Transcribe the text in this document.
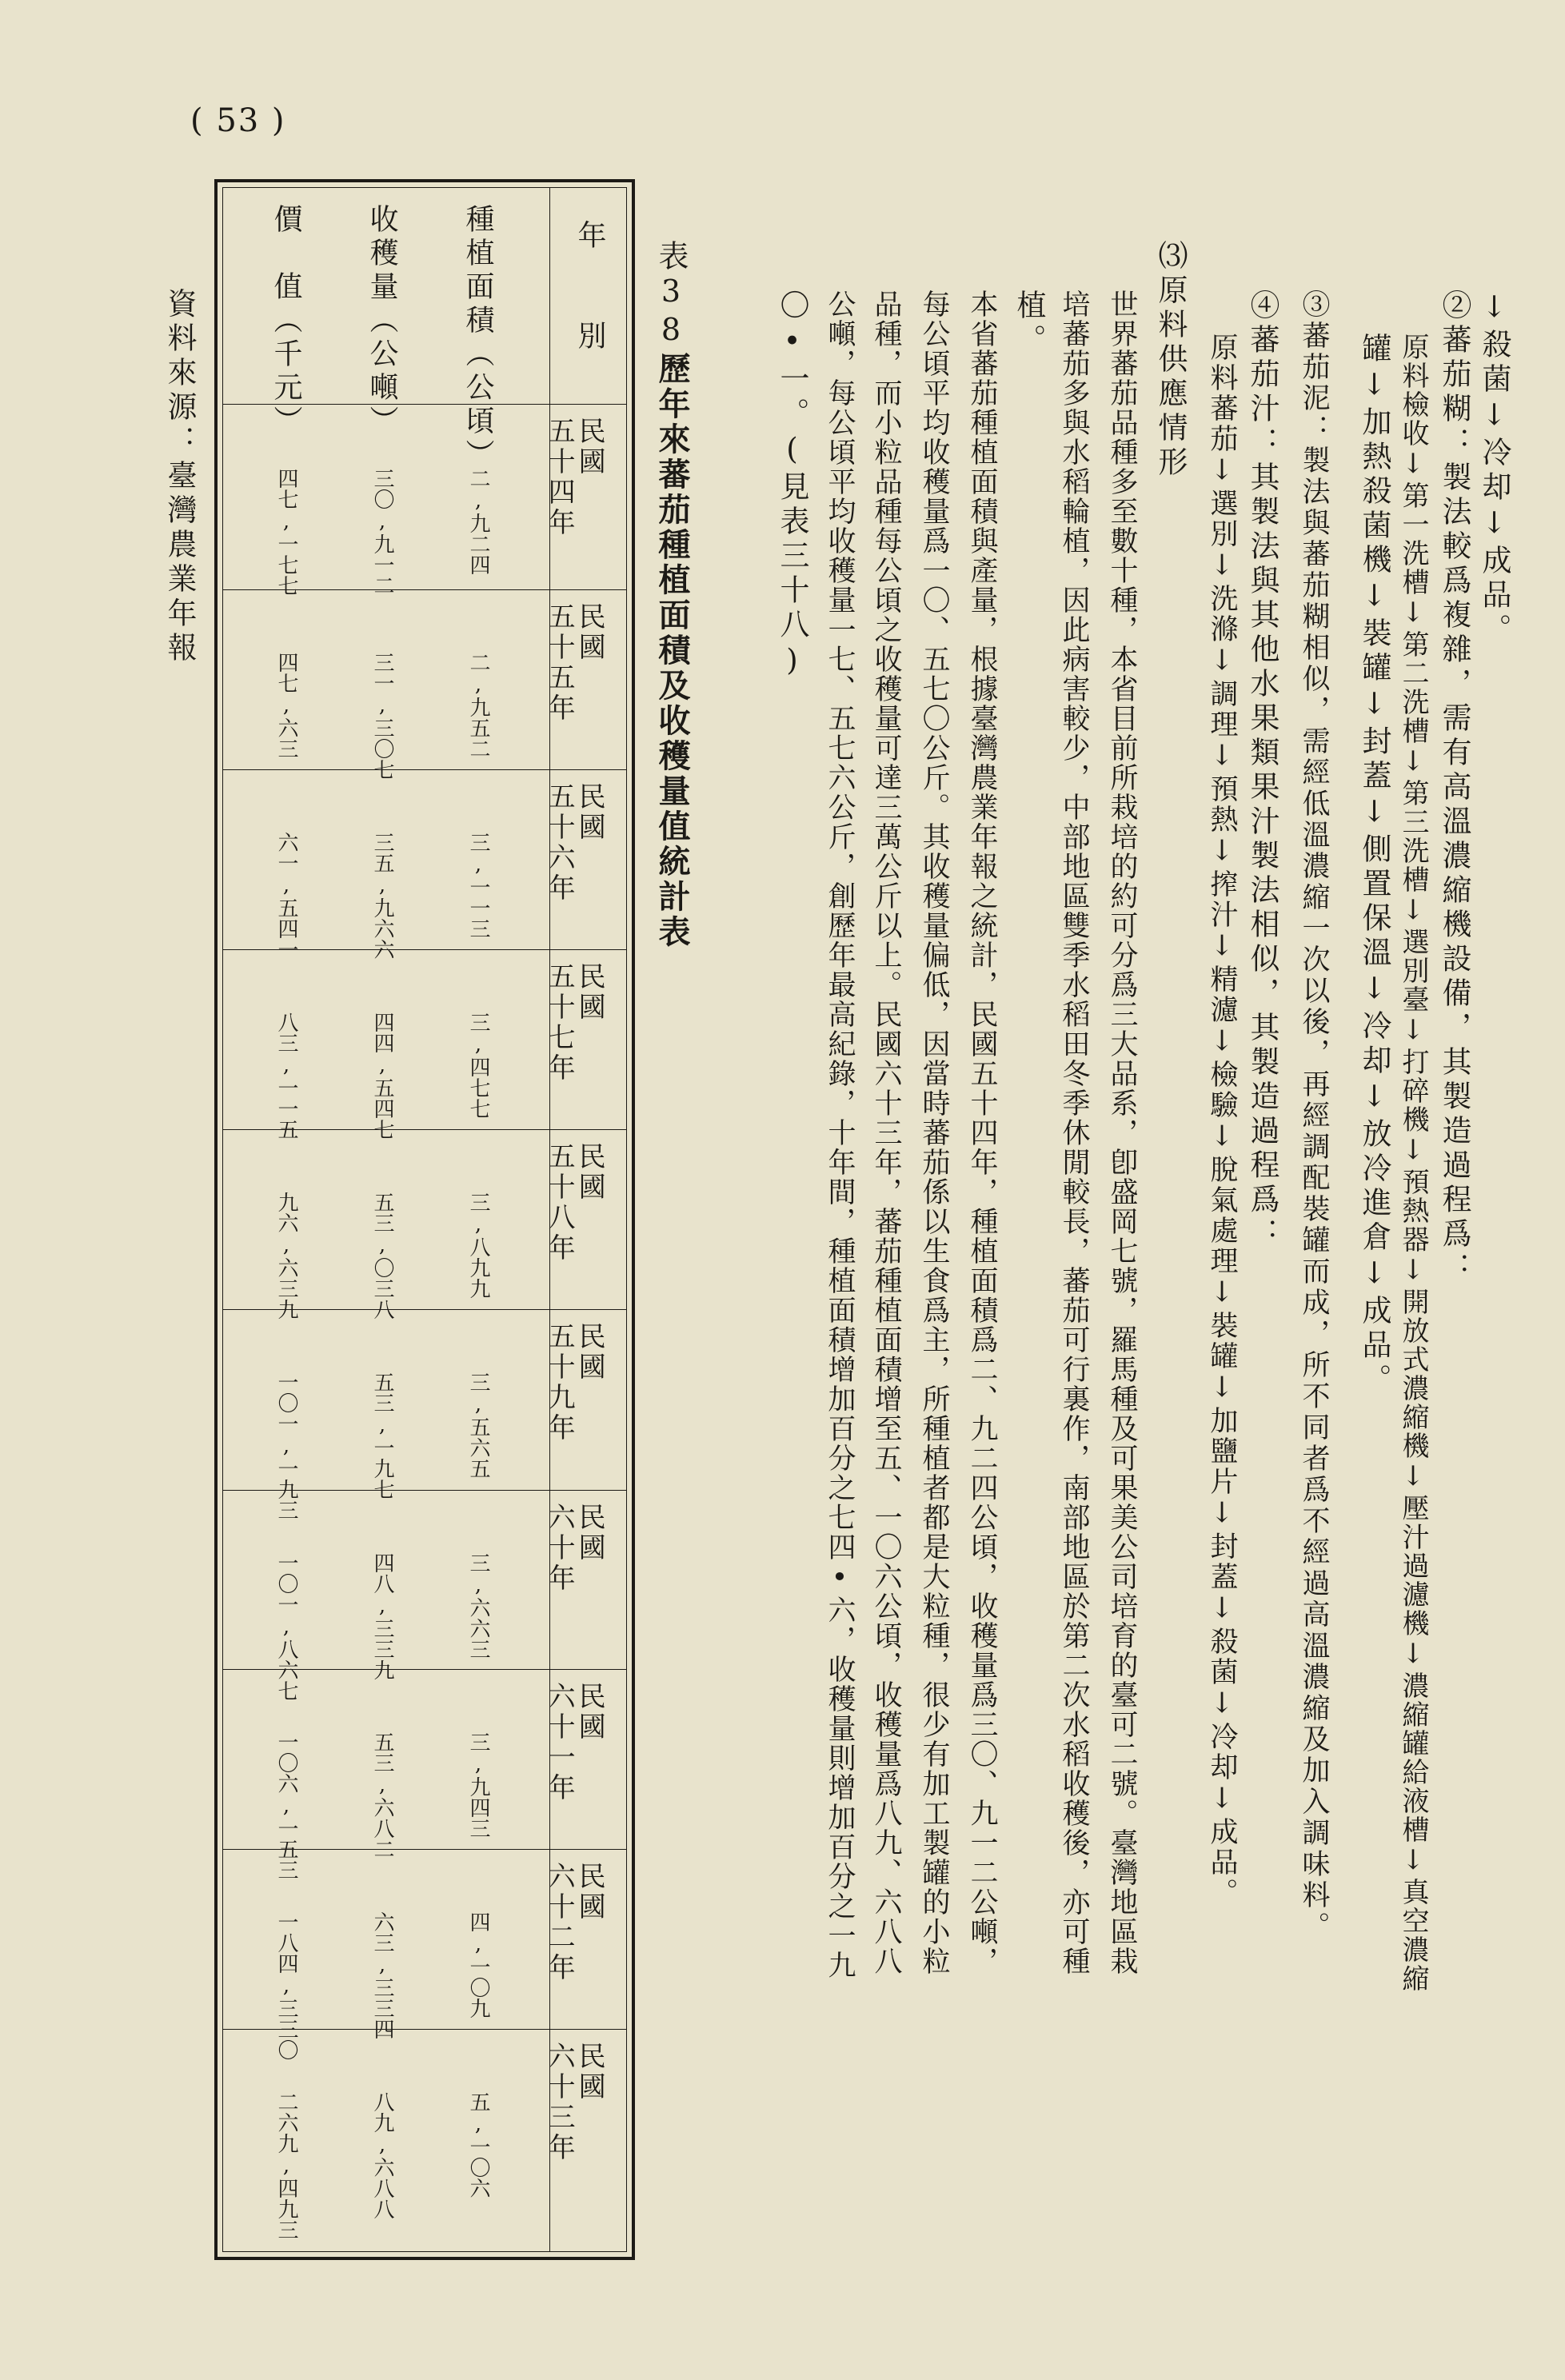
( 53 )
↓殺菌↓冷却↓成品。
②蕃茄糊：製法較爲複雜，需有高溫濃縮機設備，其製造過程爲：
原料檢收↓第一洗槽↓第二洗槽↓第三洗槽↓選別臺↓打碎機↓預熱器↓開放式濃縮機↓壓汁過濾機↓濃縮罐給液槽↓真空濃縮
罐↓加熱殺菌機↓裝罐↓封蓋↓側置保溫↓冷却↓放冷進倉↓成品。
③蕃茄泥：製法與蕃茄糊相似，需經低溫濃縮一次以後，再經調配裝罐而成，所不同者爲不經過高溫濃縮及加入調味料。
④蕃茄汁：其製法與其他水果類果汁製法相似，其製造過程爲：
原料蕃茄↓選別↓洗滌↓調理↓預熱↓搾汁↓精濾↓檢驗↓脫氣處理↓裝罐↓加鹽片↓封蓋↓殺菌↓冷却↓成品。
⑶原料供應情形
世界蕃茄品種多至數十種，本省目前所栽培的約可分爲三大品系，卽盛岡七號，羅馬種及可果美公司培育的臺可二號。臺灣地區栽
培蕃茄多與水稻輪植，因此病害較少，中部地區雙季水稻田冬季休閒較長，蕃茄可行裏作，南部地區於第二次水稻收穫後，亦可種
植。
本省蕃茄種植面積與產量，根據臺灣農業年報之統計，民國五十四年，種植面積爲二、九二四公頃，收穫量爲三〇、九一二公噸，
每公頃平均收穫量爲一〇、五七〇公斤。其收穫量偏低，因當時蕃茄係以生食爲主，所種植者都是大粒種，很少有加工製罐的小粒
品種，而小粒品種每公頃之收穫量可達三萬公斤以上。民國六十三年，蕃茄種植面積增至五、一〇六公頃，收穫量爲八九、六八八
公噸，每公頃平均收穫量一七、五七六公斤，創歷年最高紀錄，十年間，種植面積增加百分之七四•六，收穫量則增加百分之一九
〇•一。(見表三十八)
表38
歷年來蕃茄種植面積及收穫量值統計表
資料來源：臺灣農業年報
年　　別
種植面積（公頃）
收穫量（公噸）
價　值（千元）
民國
五十四年
二,九二四
三〇,九一二
四七,一七七
民國
五十五年
二,九五二
三一,三〇七
四七,六三
民國
五十六年
三,一一三
三五,九六六
六一,五四一
民國
五十七年
三,四七七
四四,五四七
八三,一一五
民國
五十八年
三,八九九
五三,〇三八
九六,六三九
民國
五十九年
三,五六五
五三,一九七
一〇一,一九三
民國
六十年
三,六六三
四八,三三九
一〇一,八六七
民國
六十一年
三,九四三
五三,六八二
一〇六,一五三
民國
六十二年
四,一〇九
六三,三三四
一八四,三三〇
民國
六十三年
五,一〇六
八九,六八八
二六九,四九三
